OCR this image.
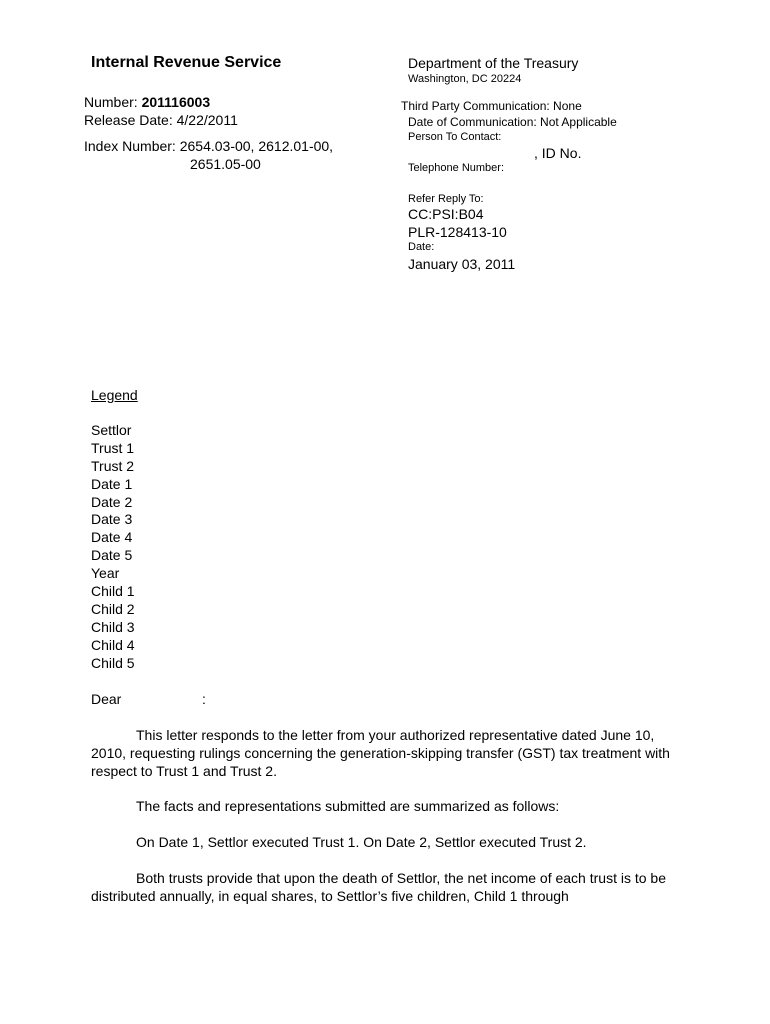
Internal Revenue Service
Number: 201116003
Release Date: 4/22/2011
Index Number: 2654.03-00, 2612.01-00,
2651.05-00
Department of the Treasury
Washington, DC 20224
Third Party Communication: None
Date of Communication: Not Applicable
Person To Contact:
, ID No.
Telephone Number:
Refer Reply To:
CC:PSI:B04
PLR-128413-10
Date:
January 03, 2011
Legend
Settlor
Trust 1
Trust 2
Date 1
Date 2
Date 3
Date 4
Date 5
Year
Child 1
Child 2
Child 3
Child 4
Child 5
Dear	:
This letter responds to the letter from your authorized representative dated June 10, 2010, requesting rulings concerning the generation-skipping transfer (GST) tax treatment with respect to Trust 1 and Trust 2.
The facts and representations submitted are summarized as follows:
On Date 1, Settlor executed Trust 1. On Date 2, Settlor executed Trust 2.
Both trusts provide that upon the death of Settlor, the net income of each trust is to be distributed annually, in equal shares, to Settlor’s five children, Child 1 through
